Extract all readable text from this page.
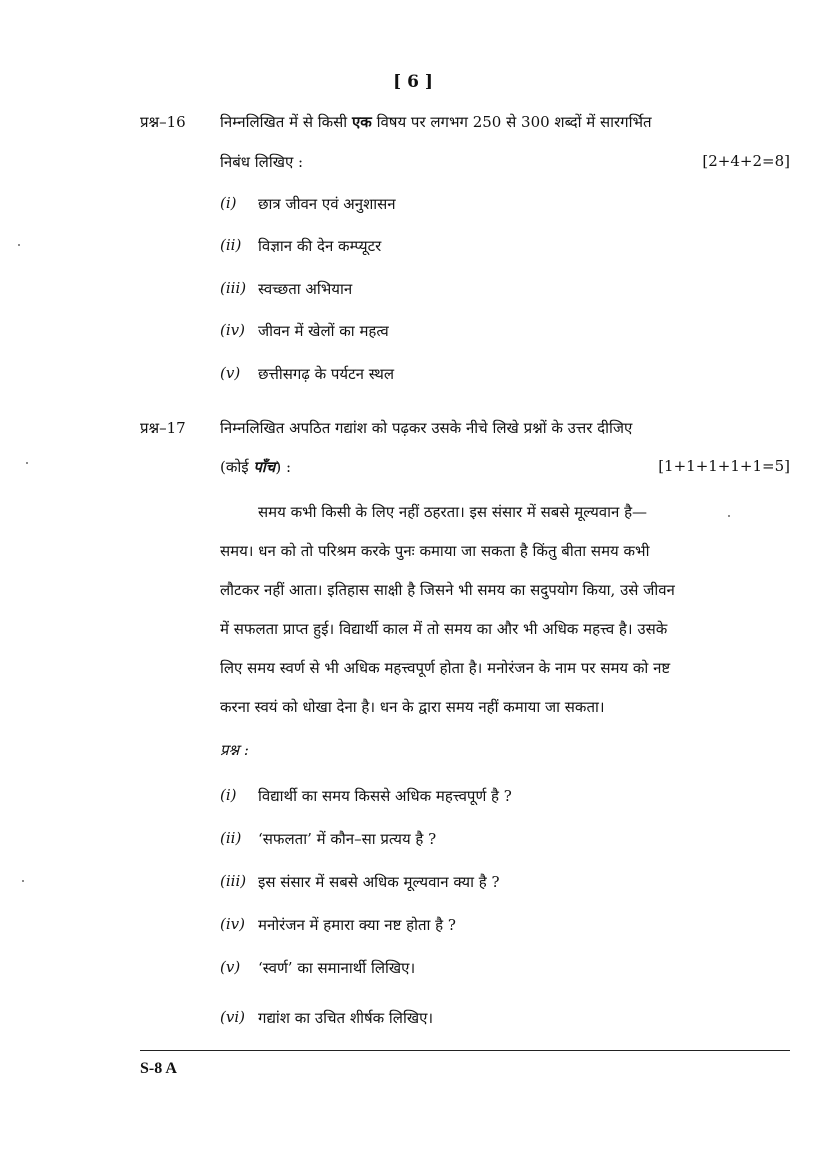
[ 6 ]
प्रश्न–16 निम्नलिखित में से किसी एक विषय पर लगभग 250 से 300 शब्दों में सारगर्भित
निबंध लिखिए :	[2+4+2=8]
(i) छात्र जीवन एवं अनुशासन
(ii) विज्ञान की देन कम्प्यूटर
(iii) स्वच्छता अभियान
(iv) जीवन में खेलों का महत्व
(v) छत्तीसगढ़ के पर्यटन स्थल
प्रश्न–17 निम्नलिखित अपठित गद्यांश को पढ़कर उसके नीचे लिखे प्रश्नों के उत्तर दीजिए
(कोई पाँच) :	[1+1+1+1+1=5]
समय कभी किसी के लिए नहीं ठहरता। इस संसार में सबसे मूल्यवान है—
समय। धन को तो परिश्रम करके पुनः कमाया जा सकता है किंतु बीता समय कभी
लौटकर नहीं आता। इतिहास साक्षी है जिसने भी समय का सदुपयोग किया, उसे जीवन
में सफलता प्राप्त हुई। विद्यार्थी काल में तो समय का और भी अधिक महत्त्व है। उसके
लिए समय स्वर्ण से भी अधिक महत्त्वपूर्ण होता है। मनोरंजन के नाम पर समय को नष्ट
करना स्वयं को धोखा देना है। धन के द्वारा समय नहीं कमाया जा सकता।
प्रश्न :
(i) विद्यार्थी का समय किससे अधिक महत्त्वपूर्ण है ?
(ii) ‘सफलता’ में कौन–सा प्रत्यय है ?
(iii) इस संसार में सबसे अधिक मूल्यवान क्या है ?
(iv) मनोरंजन में हमारा क्या नष्ट होता है ?
(v) ‘स्वर्ण’ का समानार्थी लिखिए।
(vi) गद्यांश का उचित शीर्षक लिखिए।
S-8 A
